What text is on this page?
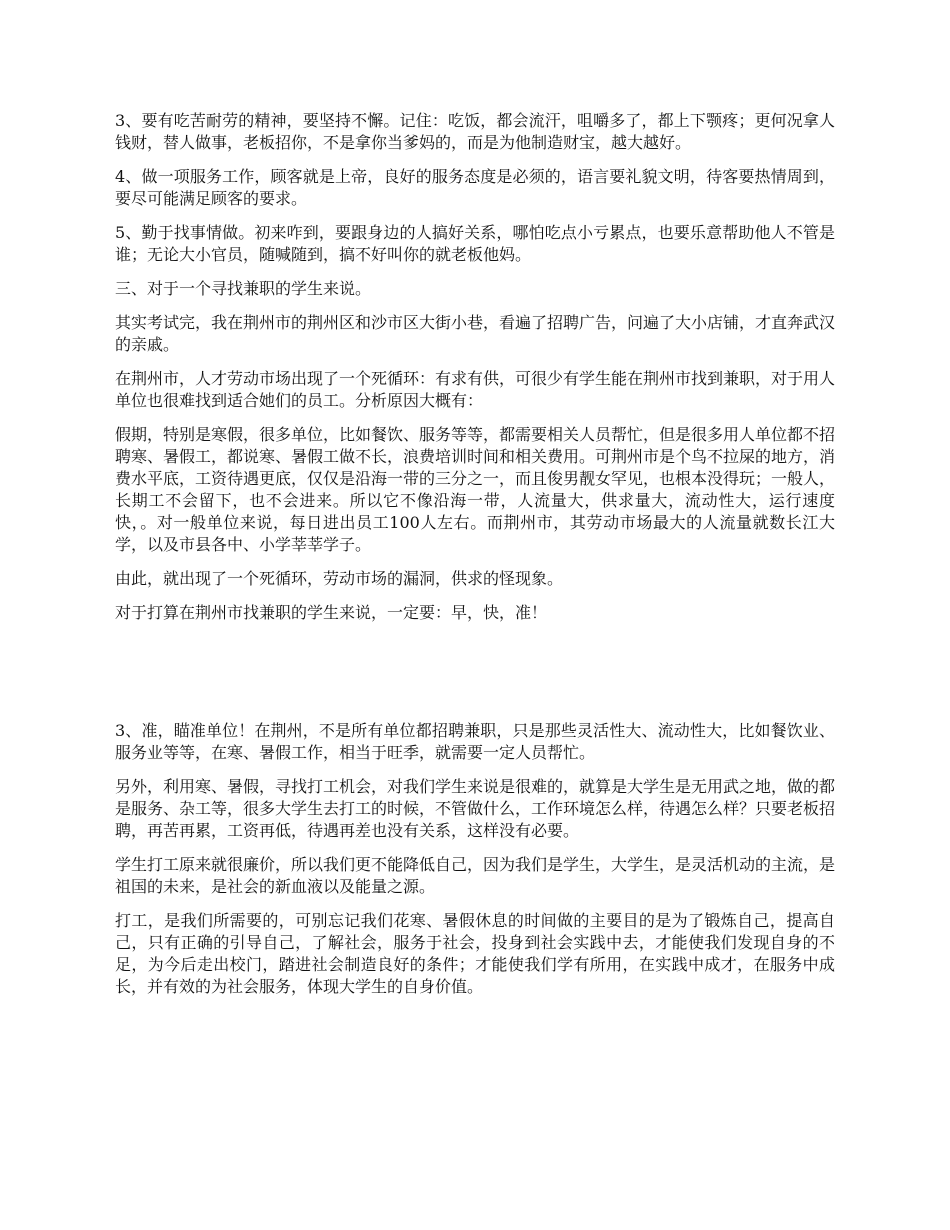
3、要有吃苦耐劳的精神，要坚持不懈。记住：吃饭，都会流汗，咀嚼多了，都上下颚疼；更何况拿人钱财，替人做事，老板招你，不是拿你当爹妈的，而是为他制造财宝，越大越好。

4、做一项服务工作，顾客就是上帝，良好的服务态度是必须的，语言要礼貌文明，待客要热情周到，要尽可能满足顾客的要求。

5、勤于找事情做。初来咋到，要跟身边的人搞好关系，哪怕吃点小亏累点，也要乐意帮助他人不管是谁；无论大小官员，随喊随到，搞不好叫你的就老板他妈。

三、对于一个寻找兼职的学生来说。

其实考试完，我在荆州市的荆州区和沙市区大街小巷，看遍了招聘广告，问遍了大小店铺，才直奔武汉的亲戚。

在荆州市，人才劳动市场出现了一个死循环：有求有供，可很少有学生能在荆州市找到兼职，对于用人单位也很难找到适合她们的员工。分析原因大概有：

假期，特别是寒假，很多单位，比如餐饮、服务等等，都需要相关人员帮忙，但是很多用人单位都不招聘寒、暑假工，都说寒、暑假工做不长，浪费培训时间和相关费用。可荆州市是个鸟不拉屎的地方，消费水平底，工资待遇更底，仅仅是沿海一带的三分之一，而且俊男靓女罕见，也根本没得玩；一般人，长期工不会留下，也不会进来。所以它不像沿海一带，人流量大，供求量大，流动性大，运行速度快，。对一般单位来说，每日进出员工100人左右。而荆州市，其劳动市场最大的人流量就数长江大学，以及市县各中、小学莘莘学子。

由此，就出现了一个死循环，劳动市场的漏洞，供求的怪现象。

对于打算在荆州市找兼职的学生来说，一定要：早，快，准！

3、准，瞄准单位！在荆州，不是所有单位都招聘兼职，只是那些灵活性大、流动性大，比如餐饮业、服务业等等，在寒、暑假工作，相当于旺季，就需要一定人员帮忙。

另外，利用寒、暑假，寻找打工机会，对我们学生来说是很难的，就算是大学生是无用武之地，做的都是服务、杂工等，很多大学生去打工的时候，不管做什么，工作环境怎么样，待遇怎么样？只要老板招聘，再苦再累，工资再低，待遇再差也没有关系，这样没有必要。

学生打工原来就很廉价，所以我们更不能降低自己，因为我们是学生，大学生，是灵活机动的主流，是祖国的未来，是社会的新血液以及能量之源。

打工，是我们所需要的，可别忘记我们花寒、暑假休息的时间做的主要目的是为了锻炼自己，提高自己，只有正确的引导自己，了解社会，服务于社会，投身到社会实践中去，才能使我们发现自身的不足，为今后走出校门，踏进社会制造良好的条件；才能使我们学有所用，在实践中成才，在服务中成长，并有效的为社会服务，体现大学生的自身价值。
